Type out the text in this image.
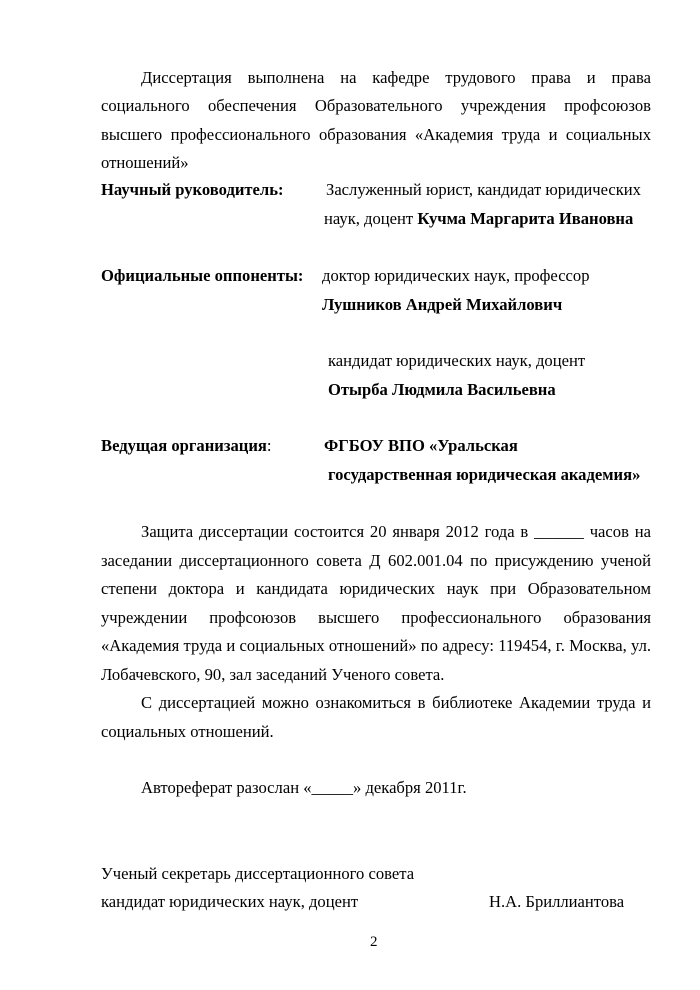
Диссертация выполнена на кафедре трудового права и права
социального обеспечения Образовательного учреждения профсоюзов
высшего профессионального образования «Академия труда и социальных
отношений»
Научный руководитель:	Заслуженный юрист, кандидат юридических
наук, доцент Кучма Маргарита Ивановна
Официальные оппоненты: доктор юридических наук, профессор
Лушников Андрей Михайлович
кандидат юридических наук, доцент
Отырба Людмила Васильевна
Ведущая организация:	ФГБОУ ВПО «Уральская
государственная юридическая академия»
Защита диссертации состоится 20 января 2012 года в ______ часов на
заседании диссертационного совета Д 602.001.04 по присуждению ученой
степени доктора и кандидата юридических наук при Образовательном
учреждении профсоюзов высшего профессионального образования
«Академия труда и социальных отношений» по адресу: 119454, г. Москва, ул.
Лобачевского, 90, зал заседаний Ученого совета.
С диссертацией можно ознакомиться в библиотеке Академии труда и
социальных отношений.
Автореферат разослан «_____» декабря 2011г.
Ученый секретарь диссертационного совета
кандидат юридических наук, доцент	Н.А. Бриллиантова
2
